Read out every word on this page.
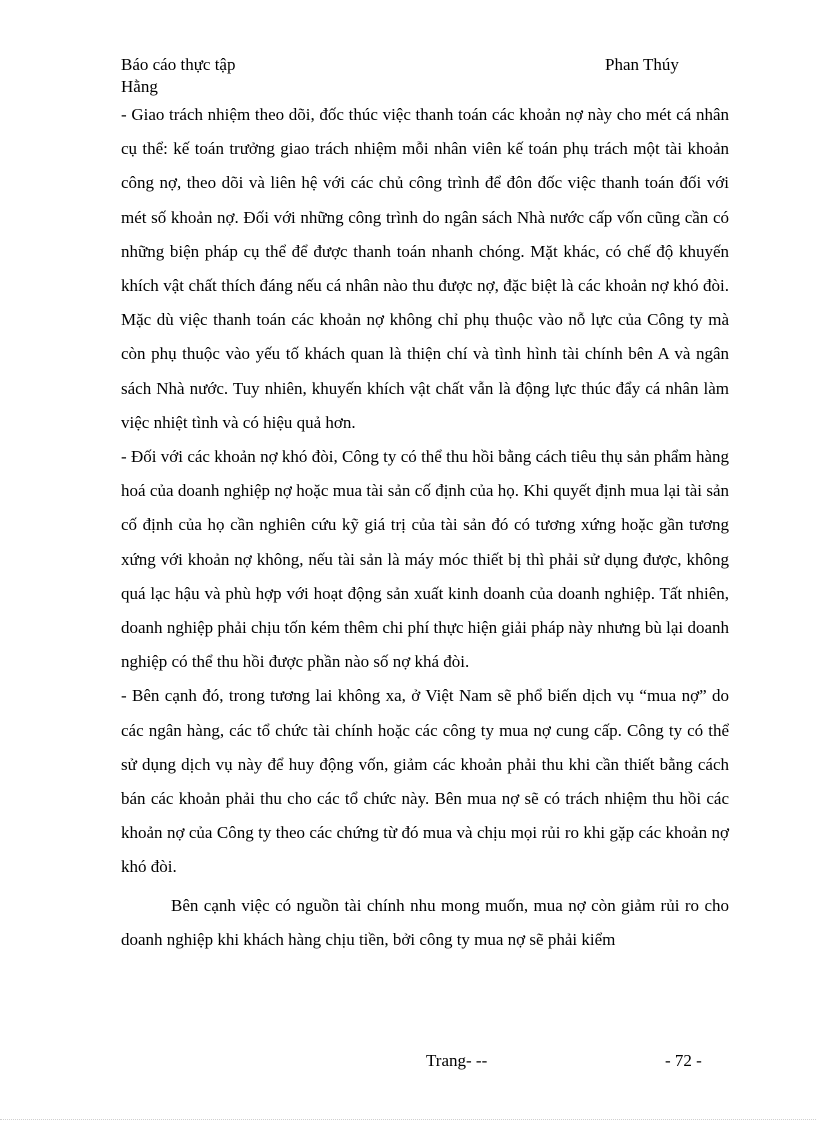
Báo cáo thực tập
Hằng
Phan Thúy

- Giao trách nhiệm theo dõi, đốc thúc việc thanh toán các khoản nợ này cho mét cá nhân cụ thể: kế toán trưởng giao trách nhiệm mỗi nhân viên kế toán phụ trách một tài khoản công nợ, theo dõi và liên hệ với các chủ công trình để đôn đốc việc thanh toán đối với mét số khoản nợ. Đối với những công trình do ngân sách Nhà nước cấp vốn cũng cần có những biện pháp cụ thể để được thanh toán nhanh chóng. Mặt khác, có chế độ khuyến khích vật chất thích đáng nếu cá nhân nào thu được nợ, đặc biệt là các khoản nợ khó đòi. Mặc dù việc thanh toán các khoản nợ không chỉ phụ thuộc vào nỗ lực của Công ty mà còn phụ thuộc vào yếu tố khách quan là thiện chí và tình hình tài chính bên A và ngân sách Nhà nước. Tuy nhiên, khuyến khích vật chất vẫn là động lực thúc đẩy cá nhân làm việc nhiệt tình và có hiệu quả hơn.

- Đối với các khoản nợ khó đòi, Công ty có thể thu hồi bằng cách tiêu thụ sản phẩm hàng hoá của doanh nghiệp nợ hoặc mua tài sản cố định của họ. Khi quyết định mua lại tài sản cố định của họ cần nghiên cứu kỹ giá trị của tài sản đó có tương xứng hoặc gần tương xứng với khoản nợ không, nếu tài sản là máy móc thiết bị thì phải sử dụng được, không quá lạc hậu và phù hợp với hoạt động sản xuất kinh doanh của doanh nghiệp. Tất nhiên, doanh nghiệp phải chịu tốn kém thêm chi phí thực hiện giải pháp này nhưng bù lại doanh nghiệp có thể thu hồi được phần nào số nợ khá đòi.

- Bên cạnh đó, trong tương lai không xa, ở Việt Nam sẽ phổ biến dịch vụ “mua nợ” do các ngân hàng, các tổ chức tài chính hoặc các công ty mua nợ cung cấp. Công ty có thể sử dụng dịch vụ này để huy động vốn, giảm các khoản phải thu khi cần thiết bằng cách bán các khoản phải thu cho các tổ chức này. Bên mua nợ sẽ có trách nhiệm thu hồi các khoản nợ của Công ty theo các chứng từ đó mua và chịu mọi rủi ro khi gặp các khoản nợ khó đòi.

Bên cạnh việc có nguồn tài chính nhu mong muốn, mua nợ còn giảm rủi ro cho doanh nghiệp khi khách hàng chịu tiền, bởi công ty mua nợ sẽ phải kiểm

Trang- --	- 72 -
